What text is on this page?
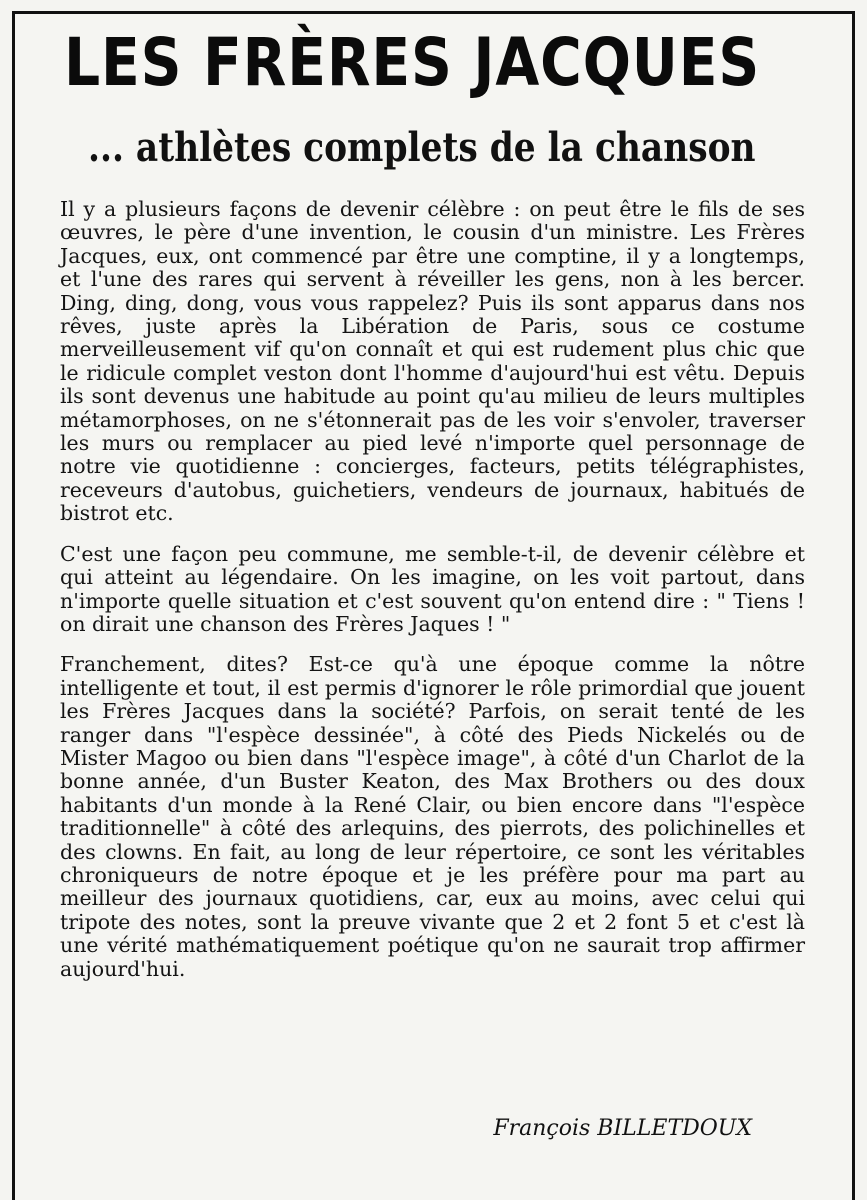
LES FRÈRES JACQUES
... athlètes complets de la chanson

Il y a plusieurs façons de devenir célèbre : on peut être le fils de ses œuvres, le père d'une invention, le cousin d'un ministre. Les Frères Jacques, eux, ont commencé par être une comptine, il y a longtemps, et l'une des rares qui servent à réveiller les gens, non à les bercer. Ding, ding, dong, vous vous rappelez? Puis ils sont apparus dans nos rêves, juste après la Libération de Paris, sous ce costume merveilleusement vif qu'on connaît et qui est rudement plus chic que le ridicule complet veston dont l'homme d'aujourd'hui est vêtu. Depuis ils sont devenus une habitude au point qu'au milieu de leurs multiples métamorphoses, on ne s'étonnerait pas de les voir s'envoler, traverser les murs ou remplacer au pied levé n'importe quel personnage de notre vie quotidienne : concierges, facteurs, petits télégraphistes, receveurs d'autobus, guichetiers, vendeurs de journaux, habitués de bistrot etc.

C'est une façon peu commune, me semble-t-il, de devenir célèbre et qui atteint au légendaire. On les imagine, on les voit partout, dans n'importe quelle situation et c'est souvent qu'on entend dire : " Tiens ! on dirait une chanson des Frères Jaques ! "

Franchement, dites? Est-ce qu'à une époque comme la nôtre intelligente et tout, il est permis d'ignorer le rôle primordial que jouent les Frères Jacques dans la société? Parfois, on serait tenté de les ranger dans "l'espèce dessinée", à côté des Pieds Nickelés ou de Mister Magoo ou bien dans "l'espèce image", à côté d'un Charlot de la bonne année, d'un Buster Keaton, des Max Brothers ou des doux habitants d'un monde à la René Clair, ou bien encore dans "l'espèce traditionnelle" à côté des arlequins, des pierrots, des polichinelles et des clowns. En fait, au long de leur répertoire, ce sont les véritables chroniqueurs de notre époque et je les préfère pour ma part au meilleur des journaux quotidiens, car, eux au moins, avec celui qui tripote des notes, sont la preuve vivante que 2 et 2 font 5 et c'est là une vérité mathématiquement poétique qu'on ne saurait trop affirmer aujourd'hui.

François BILLETDOUX
